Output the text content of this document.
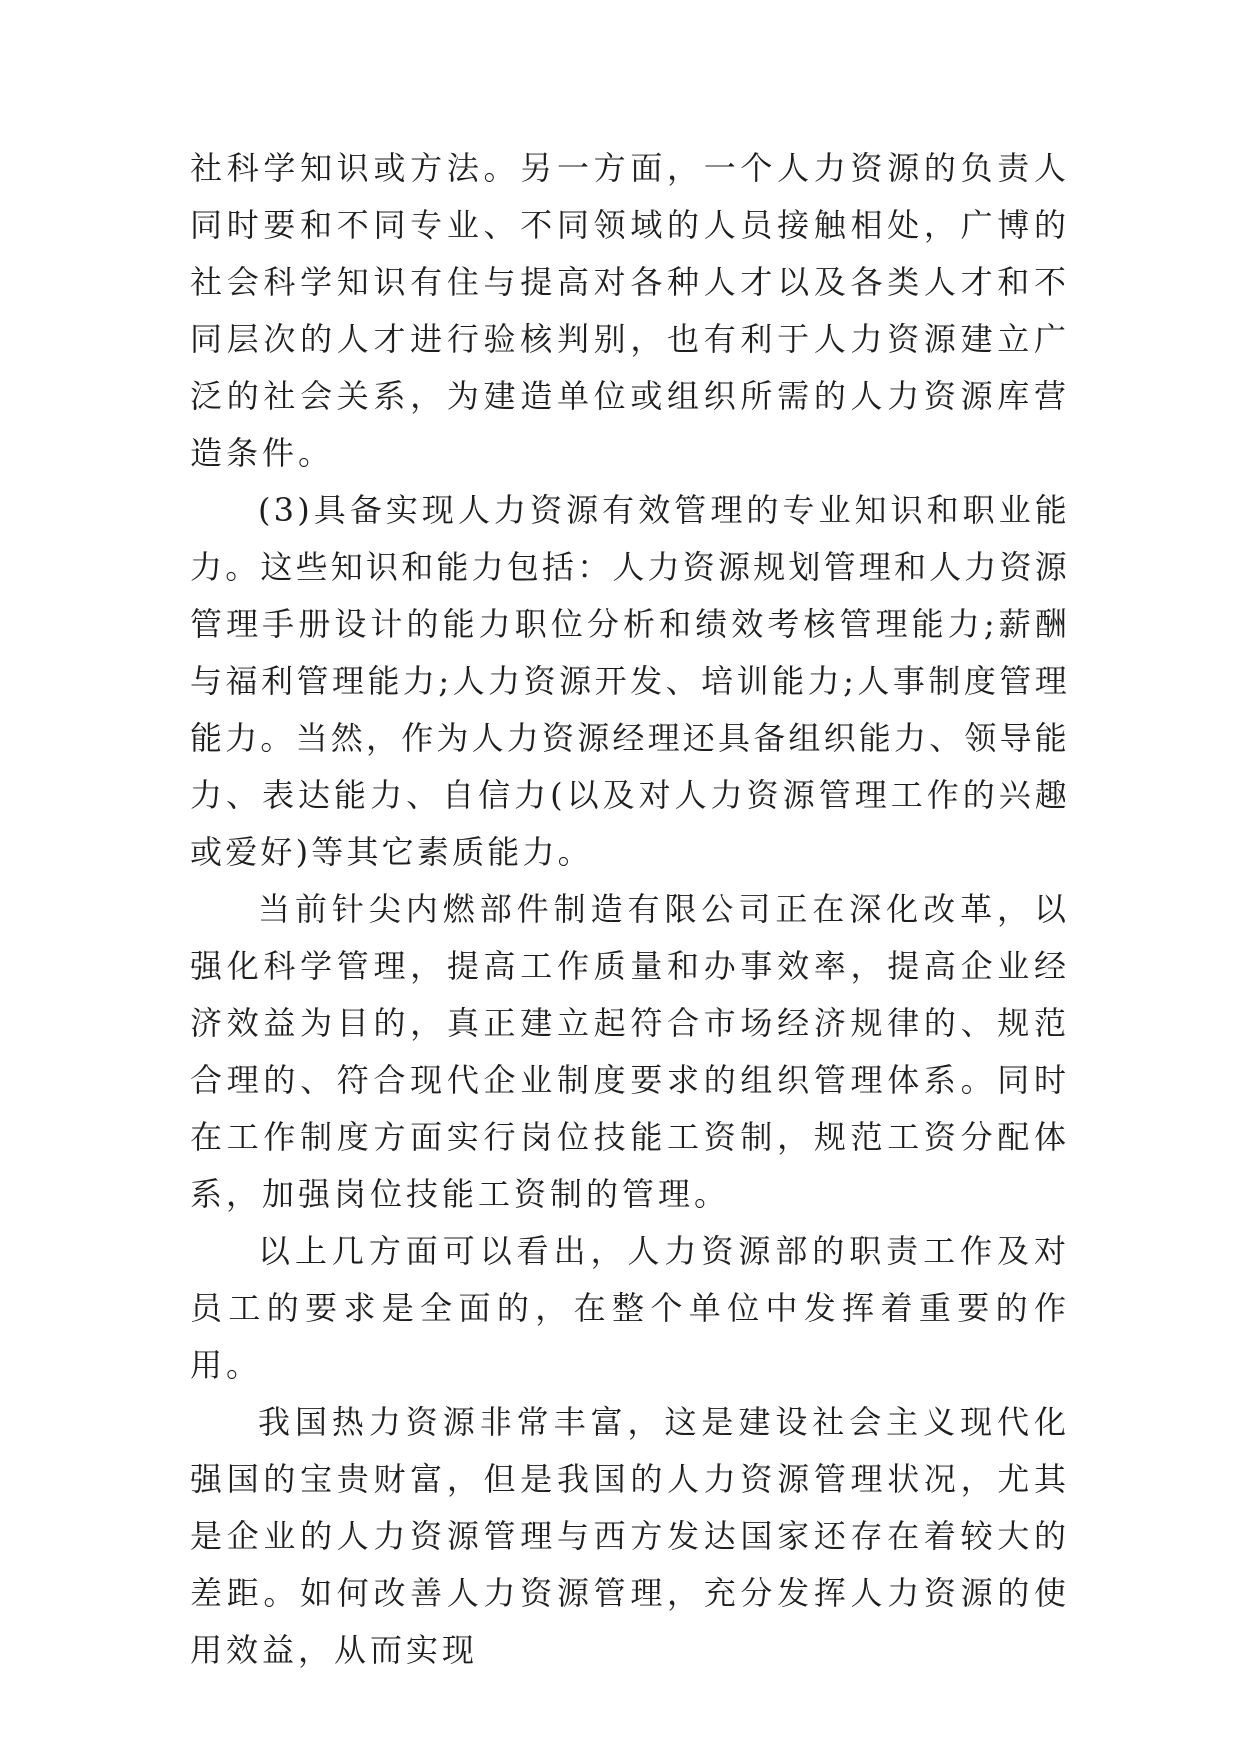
社科学知识或方法。另一方面，一个人力资源的负责人同时要和不同专业、不同领域的人员接触相处，广博的社会科学知识有住与提高对各种人才以及各类人才和不同层次的人才进行验核判别，也有利于人力资源建立广泛的社会关系，为建造单位或组织所需的人力资源库营造条件。

(3)具备实现人力资源有效管理的专业知识和职业能力。这些知识和能力包括：人力资源规划管理和人力资源管理手册设计的能力职位分析和绩效考核管理能力;薪酬与福利管理能力;人力资源开发、培训能力;人事制度管理能力。当然，作为人力资源经理还具备组织能力、领导能力、表达能力、自信力(以及对人力资源管理工作的兴趣或爱好)等其它素质能力。

当前针尖内燃部件制造有限公司正在深化改革，以强化科学管理，提高工作质量和办事效率，提高企业经济效益为目的，真正建立起符合市场经济规律的、规范合理的、符合现代企业制度要求的组织管理体系。同时在工作制度方面实行岗位技能工资制，规范工资分配体系，加强岗位技能工资制的管理。

以上几方面可以看出，人力资源部的职责工作及对员工的要求是全面的，在整个单位中发挥着重要的作用。

我国热力资源非常丰富，这是建设社会主义现代化强国的宝贵财富，但是我国的人力资源管理状况，尤其是企业的人力资源管理与西方发达国家还存在着较大的差距。如何改善人力资源管理，充分发挥人力资源的使用效益，从而实现
